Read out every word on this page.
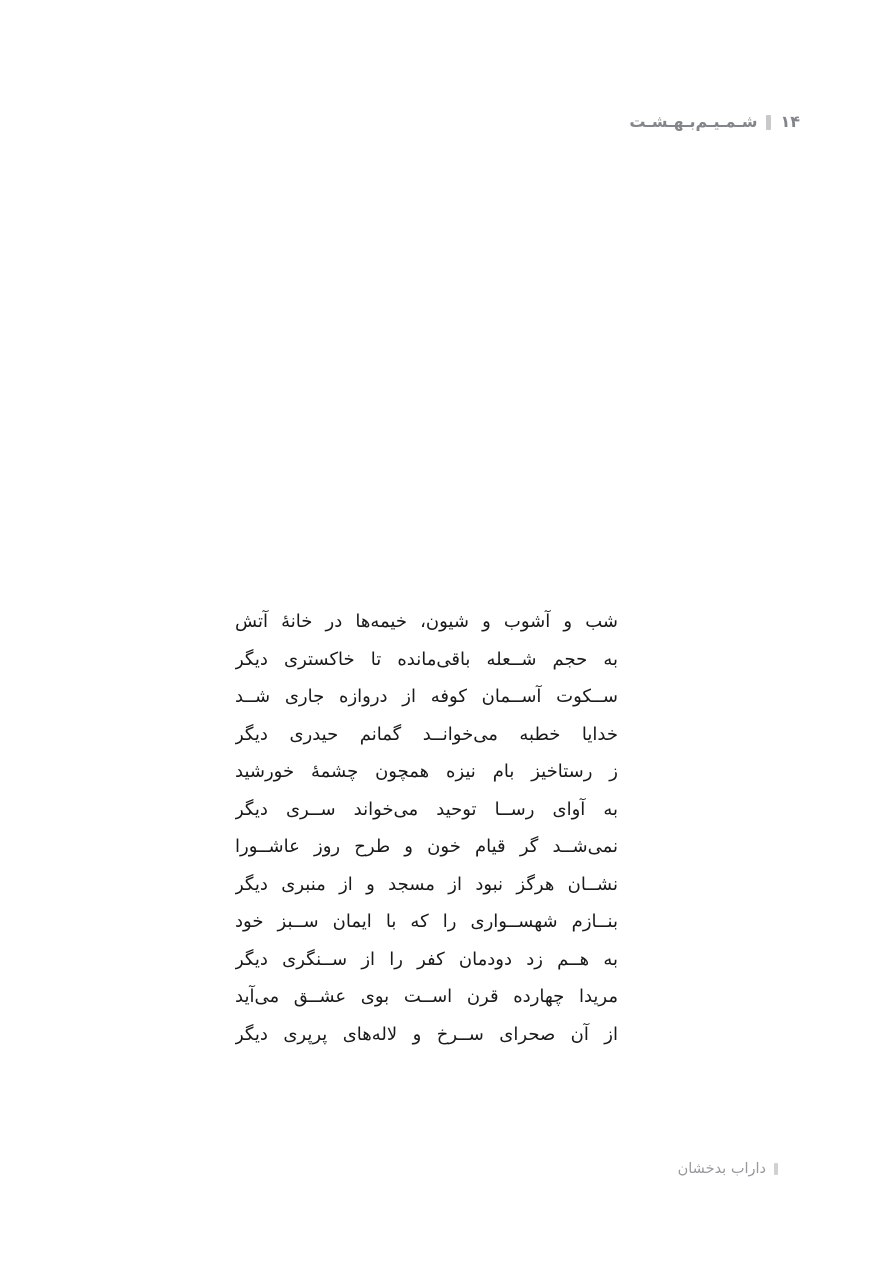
۱۴
شـمـیـم‌بـهـشـت
شب و آشوب و شیون، خیمه‌ها در خانهٔ آتش
به حجم شــعله باقی‌مانده تا خاکستری دیگر
ســکوت آســمان کوفه از دروازه جاری شــد
خدایا خطبه می‌خوانــد گمانم حیدری دیگر
ز رستاخیز بام نیزه همچون چشمهٔ خورشید
به آوای رســا توحید می‌خواند ســری دیگر
نمی‌شــد گر قیام خون و طرح روز عاشــورا
نشــان هرگز نبود از مسجد و از منبری دیگر
بنــازم شهســواری را که با ایمان ســبز خود
به هــم زد دودمان کفر را از ســنگری دیگر
مریدا چهارده قرن اســت بوی عشــق می‌آید
از آن صحرای ســرخ و لاله‌های پرپری دیگر
داراب بدخشان
